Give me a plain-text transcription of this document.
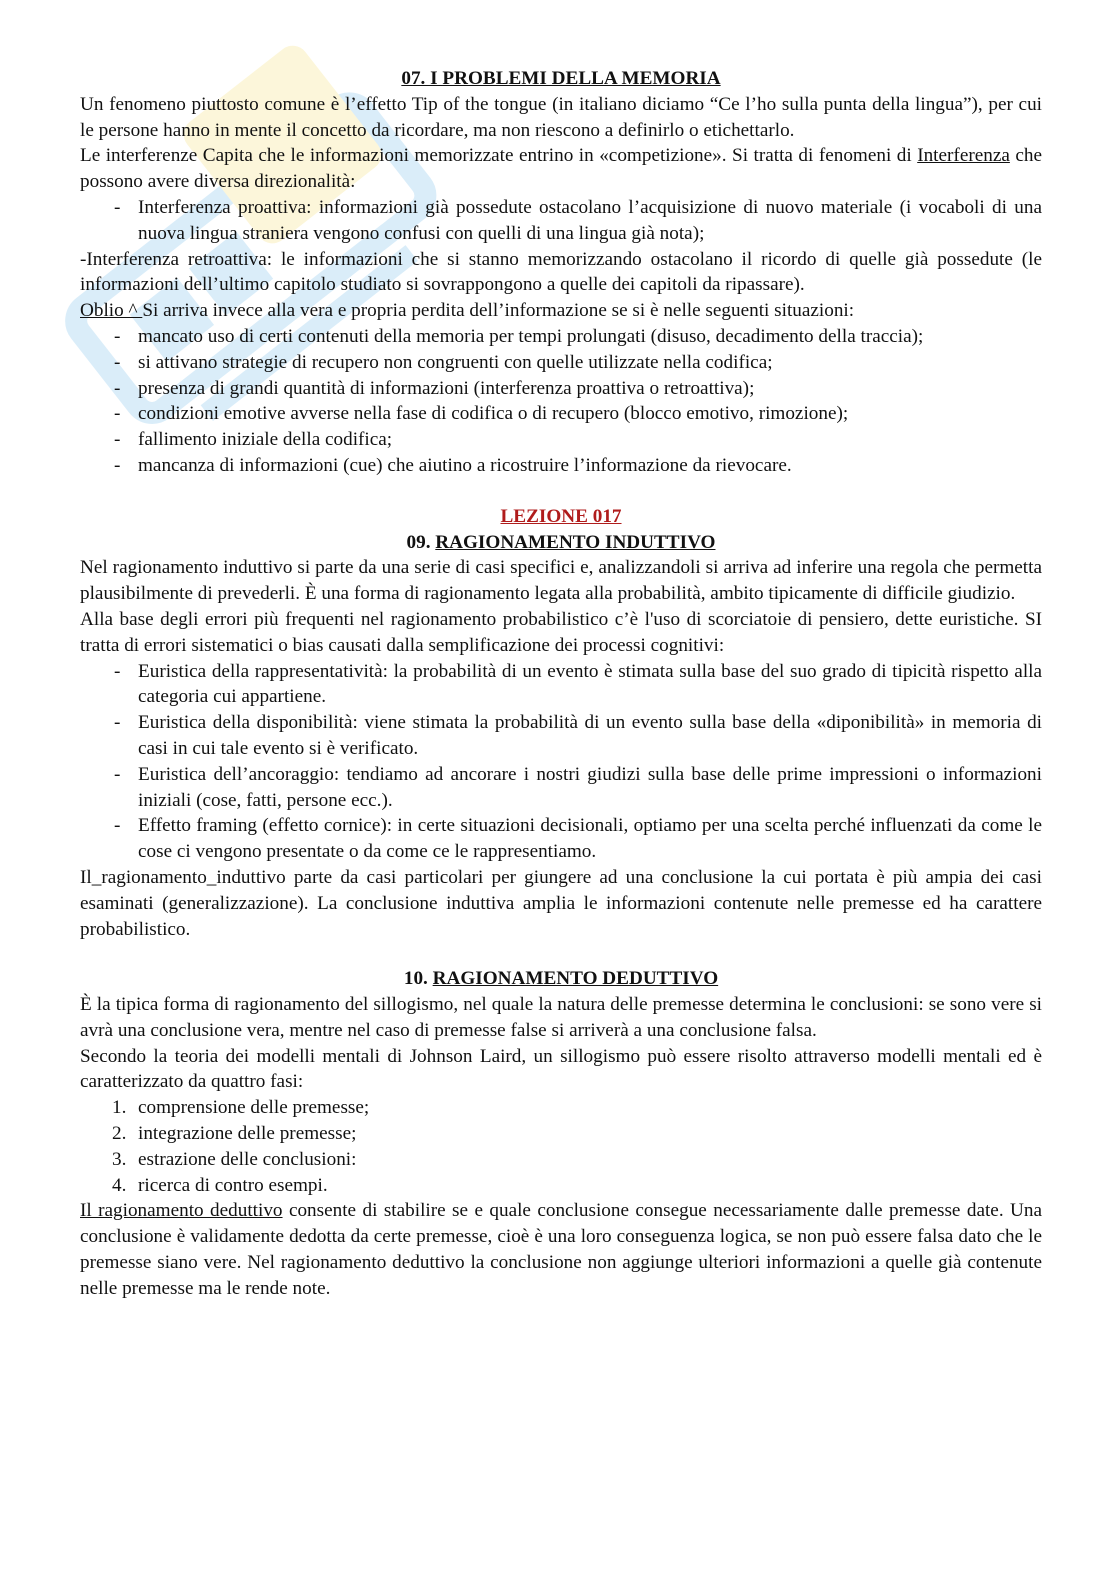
07. I PROBLEMI DELLA MEMORIA

Un fenomeno piuttosto comune è l’effetto Tip of the tongue (in italiano diciamo “Ce l’ho sulla punta della lingua”), per cui le persone hanno in mente il concetto da ricordare, ma non riescono a definirlo o etichettarlo.

Le interferenze Capita che le informazioni memorizzate entrino in «competizione». Si tratta di fenomeni di Interferenza che possono avere diversa direzionalità:

- Interferenza proattiva: informazioni già possedute ostacolano l’acquisizione di nuovo materiale (i vocaboli di una nuova lingua straniera vengono confusi con quelli di una lingua già nota);

-Interferenza retroattiva: le informazioni che si stanno memorizzando ostacolano il ricordo di quelle già possedute (le informazioni dell’ultimo capitolo studiato si sovrappongono a quelle dei capitoli da ripassare).

Oblio ^ Si arriva invece alla vera e propria perdita dell’informazione se si è nelle seguenti situazioni:

- mancato uso di certi contenuti della memoria per tempi prolungati (disuso, decadimento della traccia);
- si attivano strategie di recupero non congruenti con quelle utilizzate nella codifica;
- presenza di grandi quantità di informazioni (interferenza proattiva o retroattiva);
- condizioni emotive avverse nella fase di codifica o di recupero (blocco emotivo, rimozione);
- fallimento iniziale della codifica;
- mancanza di informazioni (cue) che aiutino a ricostruire l’informazione da rievocare.
LEZIONE 017
09. RAGIONAMENTO INDUTTIVO

Nel ragionamento induttivo si parte da una serie di casi specifici e, analizzandoli si arriva ad inferire una regola che permetta plausibilmente di prevederli. È una forma di ragionamento legata alla probabilità, ambito tipicamente di difficile giudizio.

Alla base degli errori più frequenti nel ragionamento probabilistico c’è l'uso di scorciatoie di pensiero, dette euristiche. SI tratta di errori sistematici o bias causati dalla semplificazione dei processi cognitivi:

- Euristica della rappresentatività: la probabilità di un evento è stimata sulla base del suo grado di tipicità rispetto alla categoria cui appartiene.
- Euristica della disponibilità: viene stimata la probabilità di un evento sulla base della «diponibilità» in memoria di casi in cui tale evento si è verificato.
- Euristica dell’ancoraggio: tendiamo ad ancorare i nostri giudizi sulla base delle prime impressioni o informazioni iniziali (cose, fatti, persone ecc.).
- Effetto framing (effetto cornice): in certe situazioni decisionali, optiamo per una scelta perché influenzati da come le cose ci vengono presentate o da come ce le rappresentiamo.

Il_ragionamento_induttivo parte da casi particolari per giungere ad una conclusione la cui portata è più ampia dei casi esaminati (generalizzazione). La conclusione induttiva amplia le informazioni contenute nelle premesse ed ha carattere probabilistico.

10. RAGIONAMENTO DEDUTTIVO

È la tipica forma di ragionamento del sillogismo, nel quale la natura delle premesse determina le conclusioni: se sono vere si avrà una conclusione vera, mentre nel caso di premesse false si arriverà a una conclusione falsa.

Secondo la teoria dei modelli mentali di Johnson Laird, un sillogismo può essere risolto attraverso modelli mentali ed è caratterizzato da quattro fasi:

1. comprensione delle premesse;
2. integrazione delle premesse;
3. estrazione delle conclusioni:
4. ricerca di contro esempi.

Il ragionamento deduttivo consente di stabilire se e quale conclusione consegue necessariamente dalle premesse date. Una conclusione è validamente dedotta da certe premesse, cioè è una loro conseguenza logica, se non può essere falsa dato che le premesse siano vere. Nel ragionamento deduttivo la conclusione non aggiunge ulteriori informazioni a quelle già contenute nelle premesse ma le rende note.
